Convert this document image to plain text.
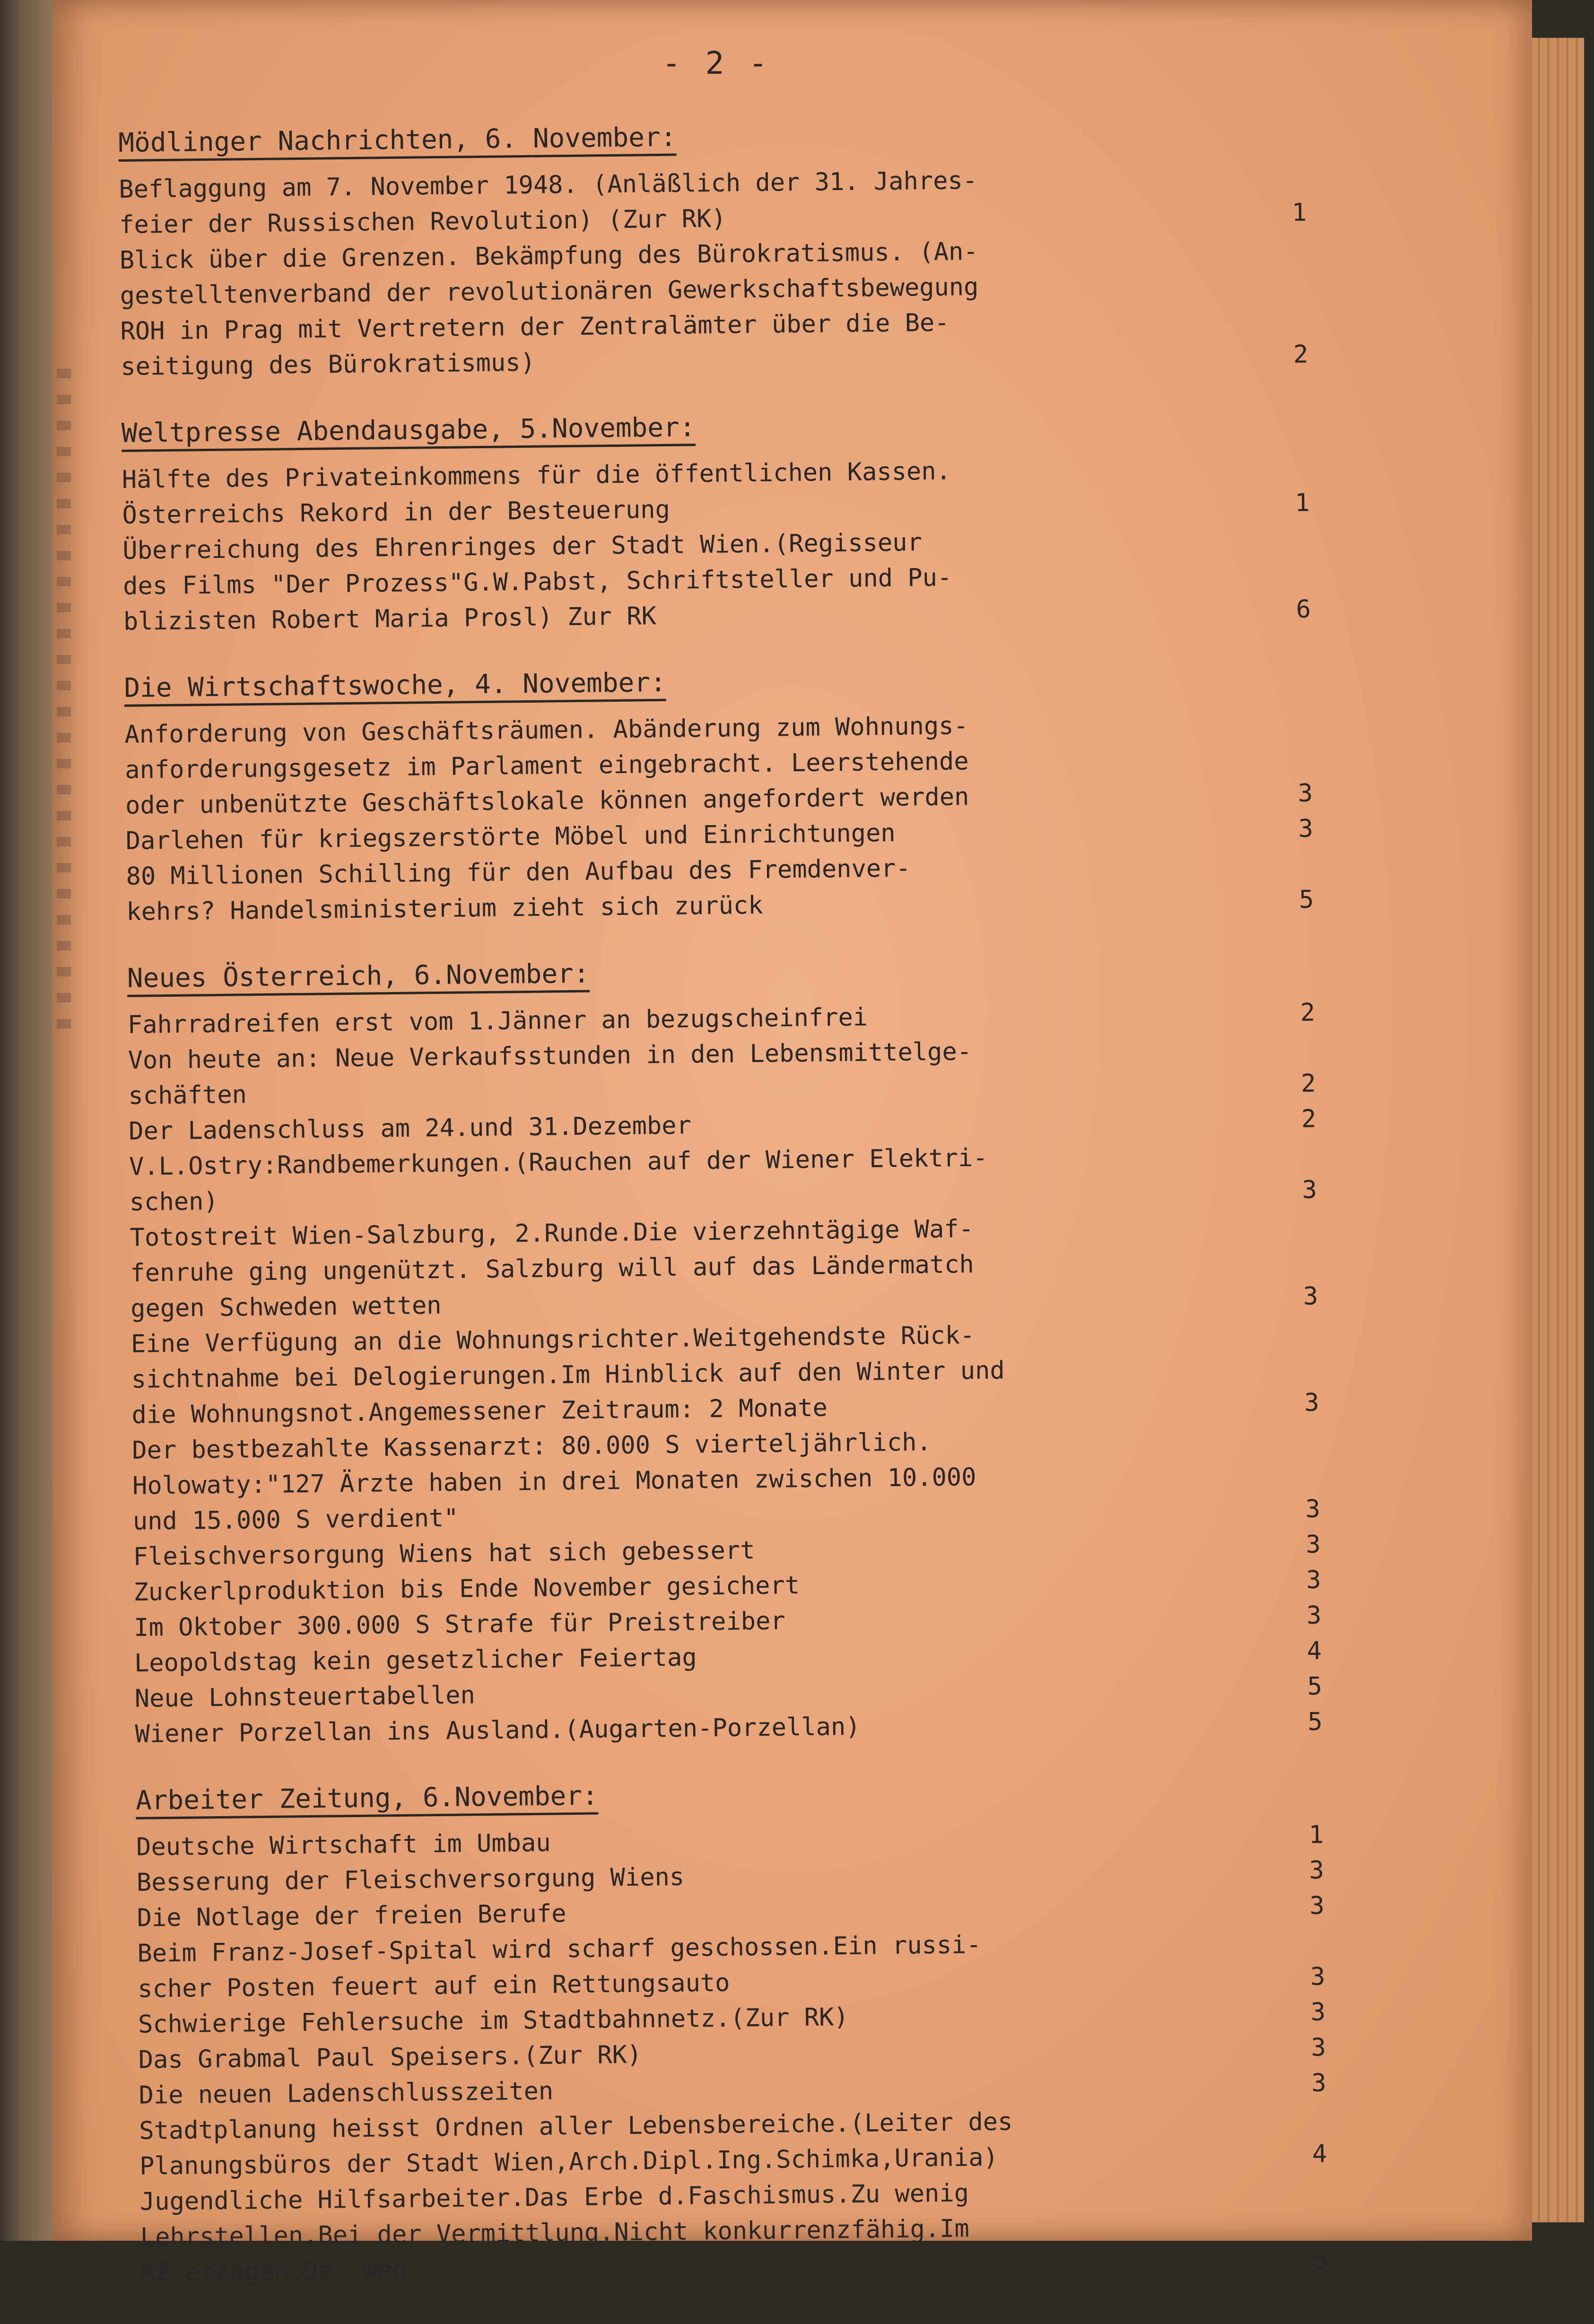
- 2 -
Mödlinger Nachrichten, 6. November:
Beflaggung am 7. November 1948. (Anläßlich der 31. Jahres-
feier der Russischen Revolution) (Zur RK)	1
Blick über die Grenzen. Bekämpfung des Bürokratismus. (An-
gestelltenverband der revolutionären Gewerkschaftsbewegung
ROH in Prag mit Vertretern der Zentralämter über die Be-
seitigung des Bürokratismus)	2
Weltpresse Abendausgabe, 5.November:
Hälfte des Privateinkommens für die öffentlichen Kassen.
Österreichs Rekord in der Besteuerung	1
Überreichung des Ehrenringes der Stadt Wien.(Regisseur
des Films "Der Prozess"G.W.Pabst, Schriftsteller und Pu-
blizisten Robert Maria Prosl) Zur RK	6
Die Wirtschaftswoche, 4. November:
Anforderung von Geschäftsräumen. Abänderung zum Wohnungs-
anforderungsgesetz im Parlament eingebracht. Leerstehende
oder unbenützte Geschäftslokale können angefordert werden	3
Darlehen für kriegszerstörte Möbel und Einrichtungen	3
80 Millionen Schilling für den Aufbau des Fremdenver-
kehrs? Handelsministerium zieht sich zurück	5
Neues Österreich, 6.November:
Fahrradreifen erst vom 1.Jänner an bezugscheinfrei	2
Von heute an: Neue Verkaufsstunden in den Lebensmittelge-
schäften	2
Der Ladenschluss am 24.und 31.Dezember	2
V.L.Ostry:Randbemerkungen.(Rauchen auf der Wiener Elektri-
schen)	3
Totostreit Wien-Salzburg, 2.Runde.Die vierzehntägige Waf-
fenruhe ging ungenützt. Salzburg will auf das Ländermatch
gegen Schweden wetten	3
Eine Verfügung an die Wohnungsrichter.Weitgehendste Rück-
sichtnahme bei Delogierungen.Im Hinblick auf den Winter und
die Wohnungsnot.Angemessener Zeitraum: 2 Monate	3
Der bestbezahlte Kassenarzt: 80.000 S vierteljährlich.
Holowaty:"127 Ärzte haben in drei Monaten zwischen 10.000
und 15.000 S verdient"	3
Fleischversorgung Wiens hat sich gebessert	3
Zuckerlproduktion bis Ende November gesichert	3
Im Oktober 300.000 S Strafe für Preistreiber	3
Leopoldstag kein gesetzlicher Feiertag	4
Neue Lohnsteuertabellen	5
Wiener Porzellan ins Ausland.(Augarten-Porzellan)	5
Arbeiter Zeitung, 6.November:
Deutsche Wirtschaft im Umbau	1
Besserung der Fleischversorgung Wiens	3
Die Notlage der freien Berufe	3
Beim Franz-Josef-Spital wird scharf geschossen.Ein russi-
scher Posten feuert auf ein Rettungsauto	3
Schwierige Fehlersuche im Stadtbahnnetz.(Zur RK)	3
Das Grabmal Paul Speisers.(Zur RK)	3
Die neuen Ladenschlusszeiten	3
Stadtplanung heisst Ordnen aller Lebensbereiche.(Leiter des
Planungsbüros der Stadt Wien,Arch.Dipl.Ing.Schimka,Urania)	4
Jugendliche Hilfsarbeiter.Das Erbe d.Faschismus.Zu wenig
Lehrstellen.Bei der Vermittlung.Nicht konkurrenzfähig.Im
KZ erzogen.Der Weg	5
